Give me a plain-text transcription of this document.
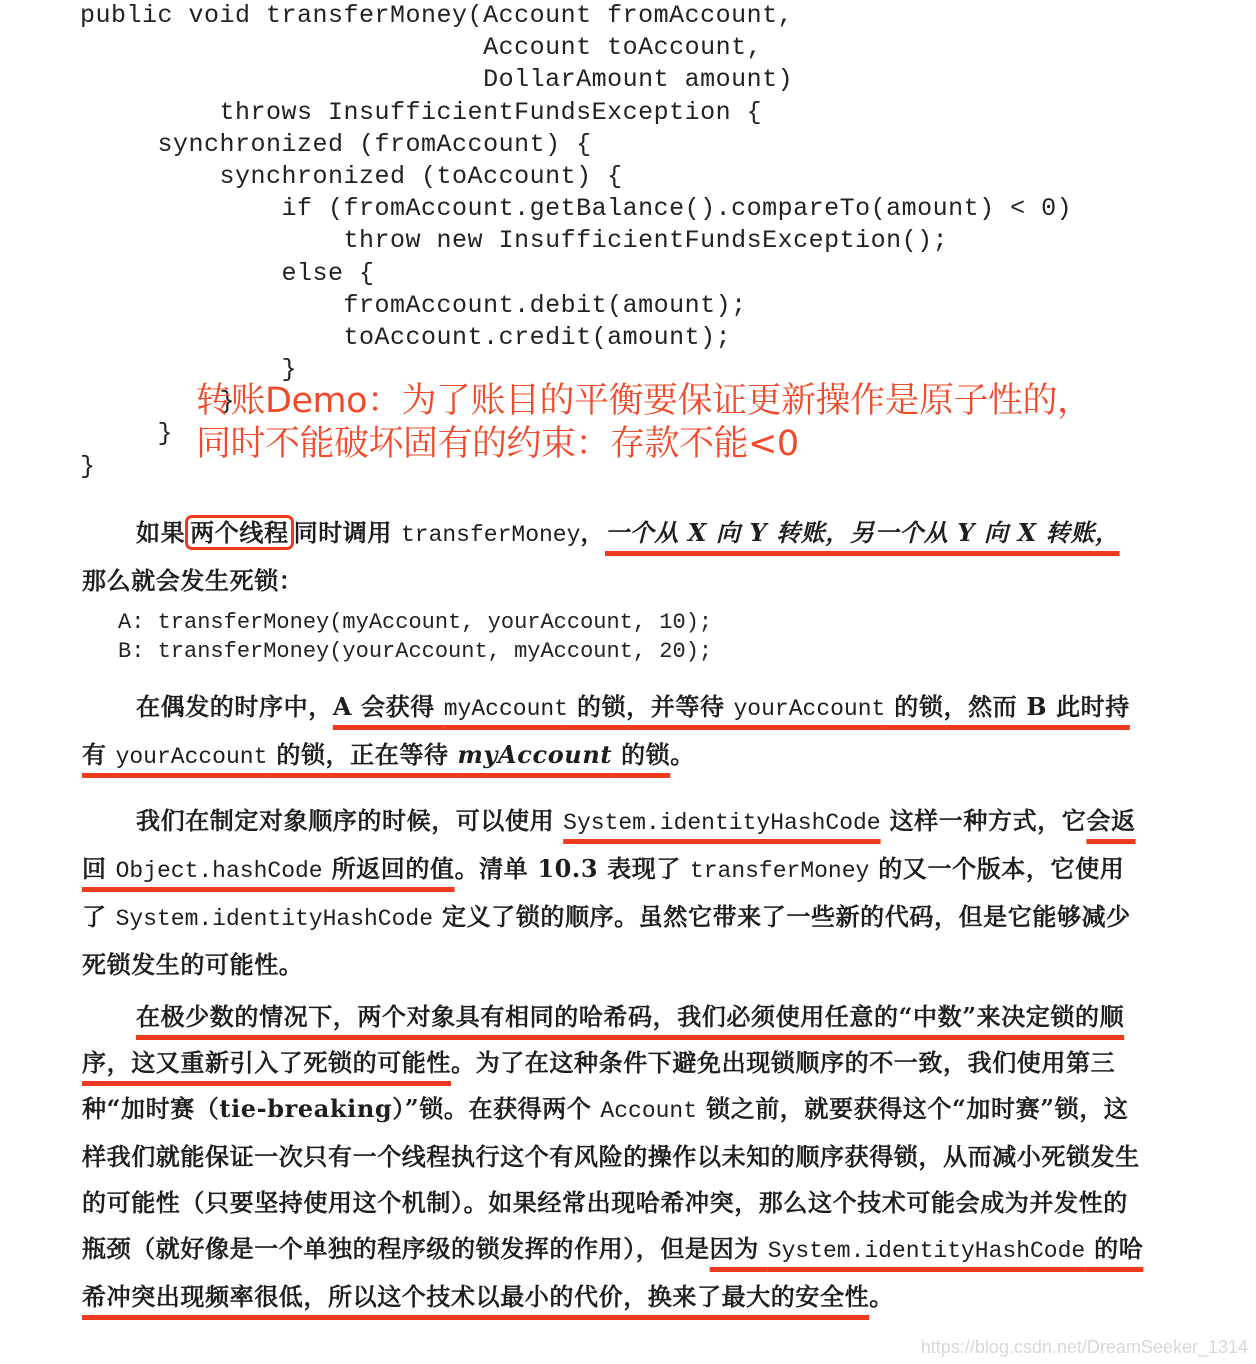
public void transferMoney(Account fromAccount,
Account toAccount,
DollarAmount amount)
throws InsufficientFundsException {
synchronized (fromAccount) {
synchronized (toAccount) {
if (fromAccount.getBalance().compareTo(amount) < 0)
throw new InsufficientFundsException();
else {
fromAccount.debit(amount);
toAccount.credit(amount);
}
}
}
}
转账Demo：为了账目的平衡要保证更新操作是原子性的，
同时不能破坏固有的约束：存款不能<0
如果 两个线程 同时调用 transferMoney，一个从 X 向 Y 转账，另一个从 Y 向 X 转账，
那么就会发生死锁：
A: transferMoney(myAccount, yourAccount, 10);
B: transferMoney(yourAccount, myAccount, 20);
在偶发的时序中，A 会获得 myAccount 的锁，并等待 yourAccount 的锁，然而 B 此时持有 yourAccount 的锁，正在等待 myAccount 的锁。
我们在制定对象顺序的时候，可以使用 System.identityHashCode 这样一种方式，它会返回 Object.hashCode 所返回的值。清单 10.3 表现了 transferMoney 的又一个版本，它使用了 System.identityHashCode 定义了锁的顺序。虽然它带来了一些新的代码，但是它能够减少死锁发生的可能性。
在极少数的情况下，两个对象具有相同的哈希码，我们必须使用任意的“中数”来决定锁的顺序，这又重新引入了死锁的可能性。为了在这种条件下避免出现锁顺序的不一致，我们使用第三种“加时赛（tie-breaking）”锁。在获得两个 Account 锁之前，就要获得这个“加时赛”锁，这样我们就能保证一次只有一个线程执行这个有风险的操作以未知的顺序获得锁，从而减小死锁发生的可能性（只要坚持使用这个机制）。如果经常出现哈希冲突，那么这个技术可能会成为并发性的瓶颈（就好像是一个单独的程序级的锁发挥的作用），但是因为 System.identityHashCode 的哈希冲突出现频率很低，所以这个技术以最小的代价，换来了最大的安全性。
https://blog.csdn.net/DreamSeeker_1314
